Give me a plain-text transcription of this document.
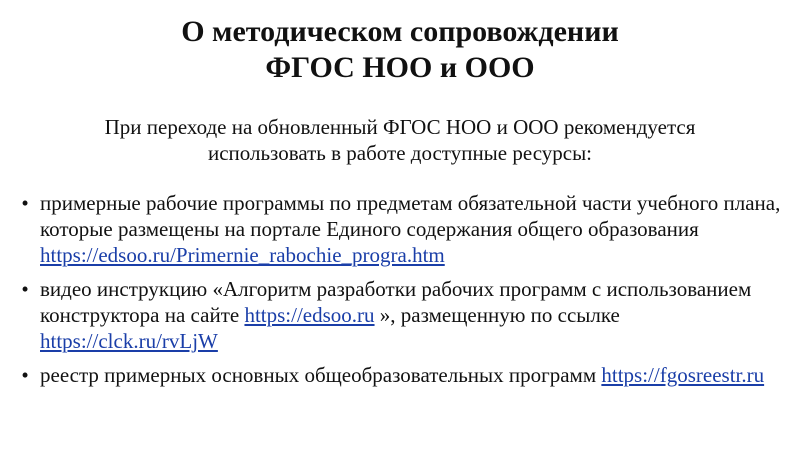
О методическом сопровождении
ФГОС НОО и ООО
При переходе на обновленный ФГОС НОО и ООО рекомендуется
использовать в работе доступные ресурсы:
• примерные рабочие программы по предметам обязательной части учебного плана, которые размещены на портале Единого содержания общего образования https://edsoo.ru/Primernie_rabochie_progra.htm
• видео инструкцию «Алгоритм разработки рабочих программ с использованием конструктора на сайте https://edsoo.ru », размещенную по ссылке https://clck.ru/rvLjW
• реестр примерных основных общеобразовательных программ https://fgosreestr.ru
